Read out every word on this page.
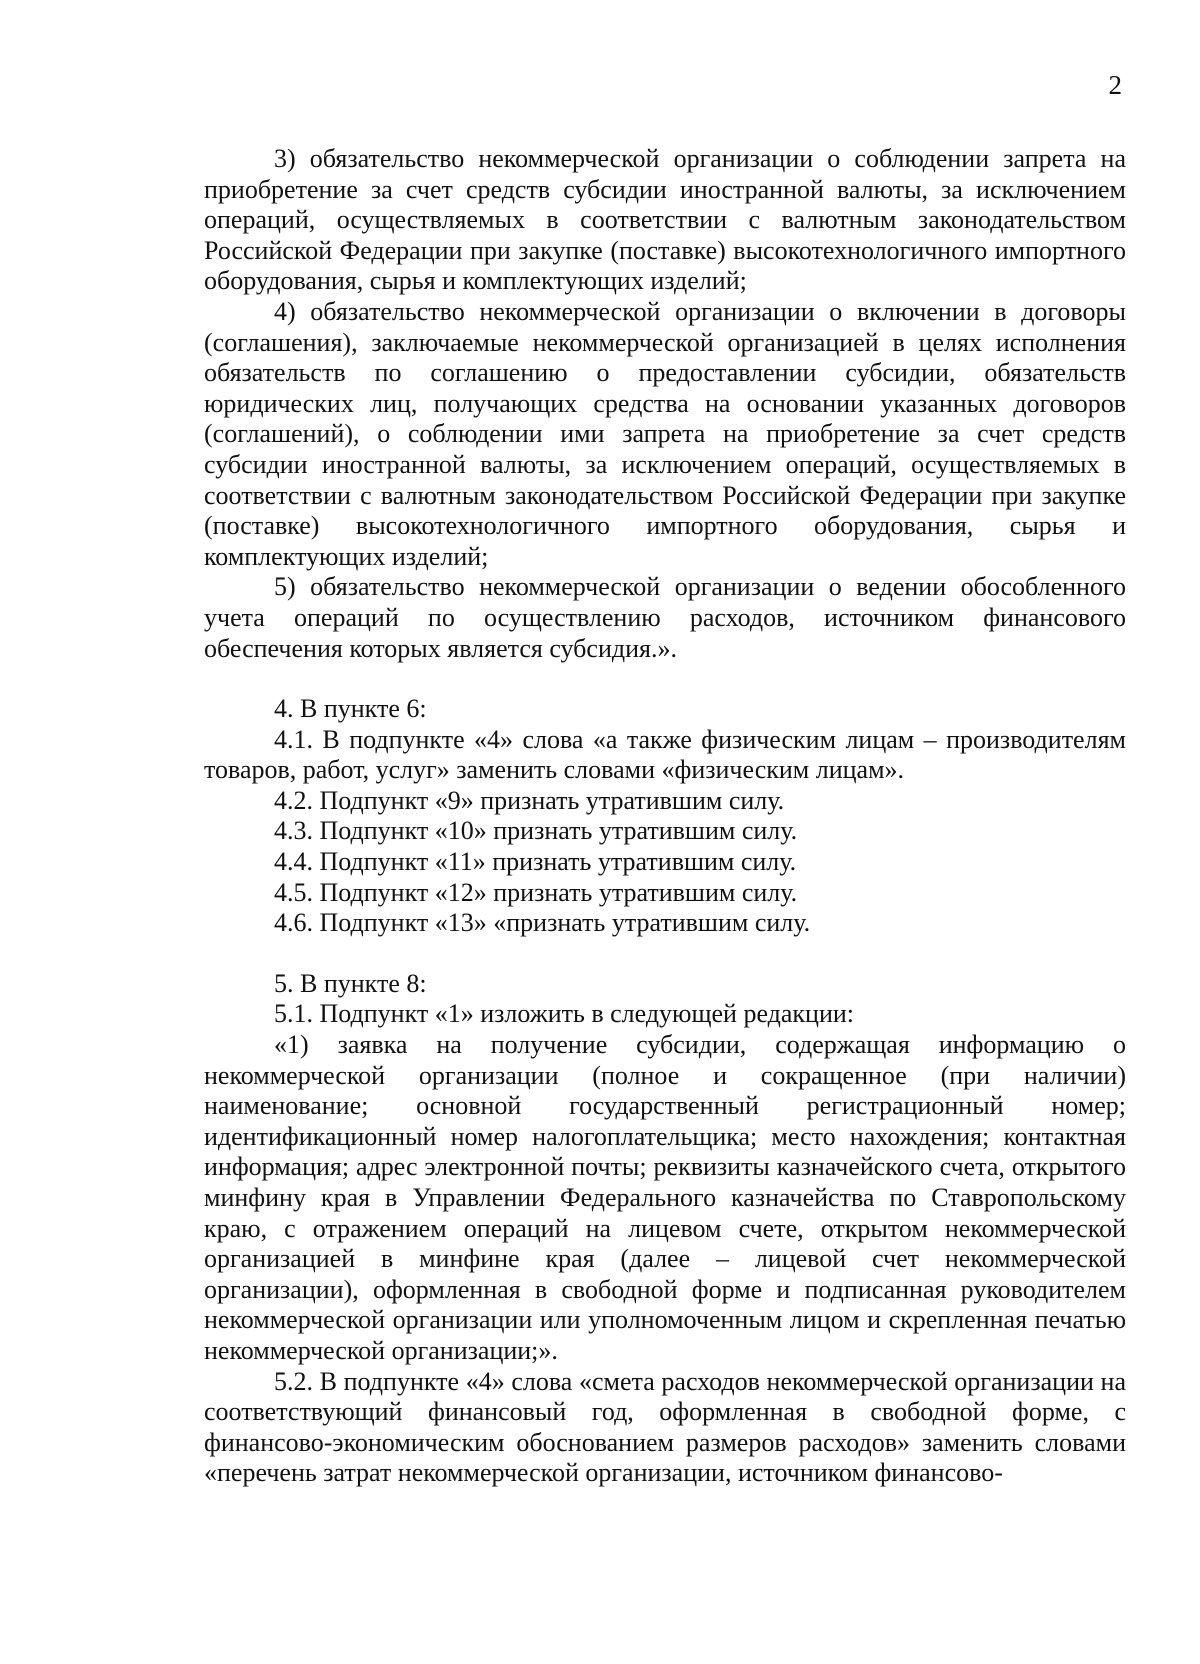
2

3) обязательство некоммерческой организации о соблюдении запрета на приобретение за счет средств субсидии иностранной валюты, за исключением операций, осуществляемых в соответствии с валютным законодательством Российской Федерации при закупке (поставке) высокотехнологичного импортного оборудования, сырья и комплектующих изделий;

4) обязательство некоммерческой организации о включении в договоры (соглашения), заключаемые некоммерческой организацией в целях исполнения обязательств по соглашению о предоставлении субсидии, обязательств юридических лиц, получающих средства на основании указанных договоров (соглашений), о соблюдении ими запрета на приобретение за счет средств субсидии иностранной валюты, за исключением операций, осуществляемых в соответствии с валютным законодательством Российской Федерации при закупке (поставке) высокотехнологичного импортного оборудования, сырья и комплектующих изделий;

5) обязательство некоммерческой организации о ведении обособленного учета операций по осуществлению расходов, источником финансового обеспечения которых является субсидия.».

4. В пункте 6:

4.1. В подпункте «4» слова «а также физическим лицам – производителям товаров, работ, услуг» заменить словами «физическим лицам».

4.2. Подпункт «9» признать утратившим силу.

4.3. Подпункт «10» признать утратившим силу.

4.4. Подпункт «11» признать утратившим силу.

4.5. Подпункт «12» признать утратившим силу.

4.6. Подпункт «13» «признать утратившим силу.

5. В пункте 8:

5.1. Подпункт «1» изложить в следующей редакции:

«1) заявка на получение субсидии, содержащая информацию о некоммерческой организации (полное и сокращенное (при наличии) наименование; основной государственный регистрационный номер; идентификационный номер налогоплательщика; место нахождения; контактная информация; адрес электронной почты; реквизиты казначейского счета, открытого минфину края в Управлении Федерального казначейства по Ставропольскому краю, с отражением операций на лицевом счете, открытом некоммерческой организацией в минфине края (далее – лицевой счет некоммерческой организации), оформленная в свободной форме и подписанная руководителем некоммерческой организации или уполномоченным лицом и скрепленная печатью некоммерческой организации;».

5.2. В подпункте «4» слова «смета расходов некоммерческой организации на соответствующий финансовый год, оформленная в свободной форме, с финансово-экономическим обоснованием размеров расходов» заменить словами «перечень затрат некоммерческой организации, источником финансово-
